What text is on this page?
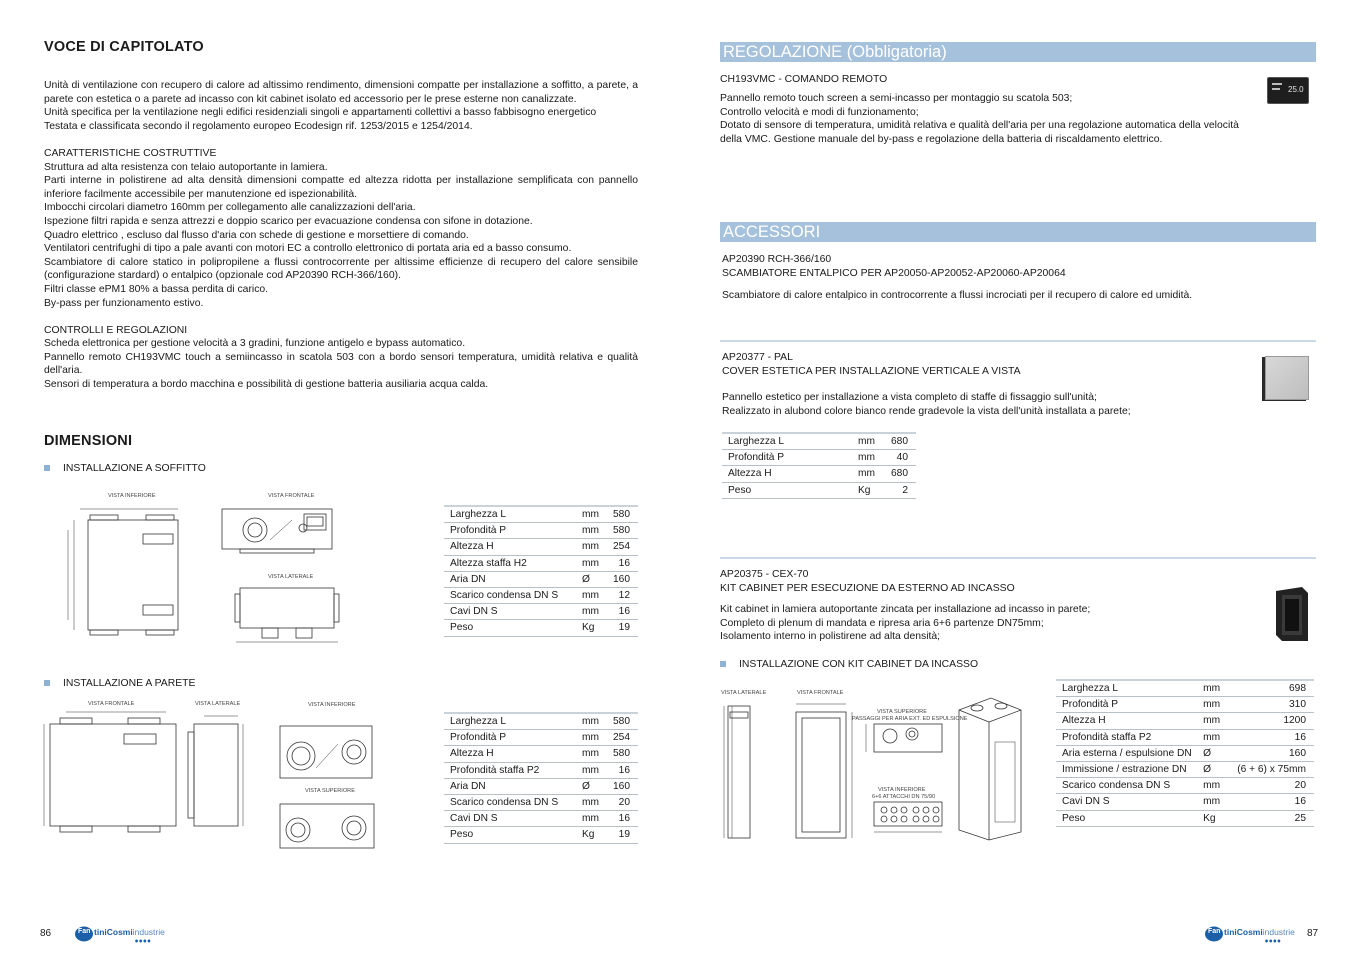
VOCE DI CAPITOLATO

Unità di ventilazione con recupero di calore ad altissimo rendimento, dimensioni compatte per installazione a soffitto, a parete, a parete con estetica o a parete ad incasso con kit cabinet isolato ed accessorio per le prese esterne non canalizzate.

Unità specifica per la ventilazione negli edifici residenziali singoli e appartamenti collettivi a basso fabbisogno energetico

Testata e classificata secondo il regolamento europeo Ecodesign rif. 1253/2015 e 1254/2014.

CARATTERISTICHE COSTRUTTIVE

Struttura ad alta resistenza con telaio autoportante in lamiera.

Parti interne in polistirene ad alta densità dimensioni compatte ed altezza ridotta per installazione semplificata con pannello inferiore facilmente accessibile per manutenzione ed ispezionabilità.

Imbocchi circolari diametro 160mm per collegamento alle canalizzazioni dell'aria.

Ispezione filtri rapida e senza attrezzi e doppio scarico per evacuazione condensa con sifone in dotazione.

Quadro elettrico , escluso dal flusso d'aria con schede di gestione e morsettiere di comando.

Ventilatori centrifughi di tipo a pale avanti con motori EC a controllo elettronico di portata aria ed a basso consumo.

Scambiatore di calore statico in polipropilene a flussi controcorrente per altissime efficienze di recupero del calore sensibile (configurazione stardard) o entalpico (opzionale cod AP20390 RCH-366/160).

Filtri classe ePM1 80% a bassa perdita di carico.

By-pass per funzionamento estivo.

CONTROLLI E REGOLAZIONI

Scheda elettronica per gestione velocità a 3 gradini, funzione antigelo e bypass automatico.

Pannello remoto CH193VMC touch a semiincasso in scatola 503 con a bordo sensori temperatura, umidità relativa e qualità dell'aria.

Sensori di temperatura a bordo macchina e possibilità di gestione batteria ausiliaria acqua calda.

DIMENSIONI
INSTALLAZIONE A SOFFITTO
VISTA INFERIORE	VISTA FRONTALE
VISTA LATERALE
Larghezza L	mm	580
Profondità P	mm	580
Altezza H	mm	254
Altezza staffa H2	mm	16
Aria DN	Ø	160
Scarico condensa DN S	mm	12
Cavi DN S	mm	16
Peso	Kg	19
INSTALLAZIONE A PARETE
VISTA FRONTALE	VISTA LATERALE	VISTA INFERIORE
VISTA SUPERIORE
Larghezza L	mm	580
Profondità P	mm	254
Altezza H	mm	580
Profondità staffa P2	mm	16
Aria DN	Ø	160
Scarico condensa DN S	mm	20
Cavi DN S	mm	16
Peso	Kg	19
86	Fan tiniCosmiindustrie
●●●●
REGOLAZIONE (Obbligatoria)
CH193VMC - COMANDO REMOTO

Pannello remoto touch screen a semi-incasso per montaggio su scatola 503;

Controllo velocità e modi di funzionamento;

Dotato di sensore di temperatura, umidità relativa e qualità dell'aria per una regolazione automatica della velocità della VMC. Gestione manuale del by-pass e regolazione della batteria di riscaldamento elettrico.

25.0
ACCESSORI
AP20390 RCH-366/160
SCAMBIATORE ENTALPICO PER AP20050-AP20052-AP20060-AP20064
Scambiatore di calore entalpico in controcorrente a flussi incrociati per il recupero di calore ed umidità.
AP20377 - PAL
COVER ESTETICA PER INSTALLAZIONE VERTICALE A VISTA

Pannello estetico per installazione a vista completo di staffe di fissaggio sull'unità;

Realizzato in alubond colore bianco rende gradevole la vista dell'unità installata a parete;

Larghezza L	mm	680
Profondità P	mm	40
Altezza H	mm	680
Peso	Kg	2
AP20375 - CEX-70
KIT CABINET PER ESECUZIONE DA ESTERNO AD INCASSO

Kit cabinet in lamiera autoportante zincata per installazione ad incasso in parete;

Completo di plenum di mandata e ripresa aria 6+6 partenze DN75mm;

Isolamento interno in polistirene ad alta densità;

INSTALLAZIONE CON KIT CABINET DA INCASSO
VISTA LATERALE	VISTA FRONTALE
VISTA SUPERIORE
PASSAGGI PER ARIA EXT. ED ESPULSIONE
VISTA INFERIORE
6+6 ATTACCHI DN 75/90
Larghezza L	mm	698
Profondità P	mm	310
Altezza H	mm	1200
Profondità staffa P2	mm	16
Aria esterna / espulsione DN	Ø	160
Immissione / estrazione DN	Ø	(6 + 6) x 75mm
Scarico condensa DN S	mm	20
Cavi DN S	mm	16
Peso	Kg	25
Fan tiniCosmiindustrie
●●●●
87
